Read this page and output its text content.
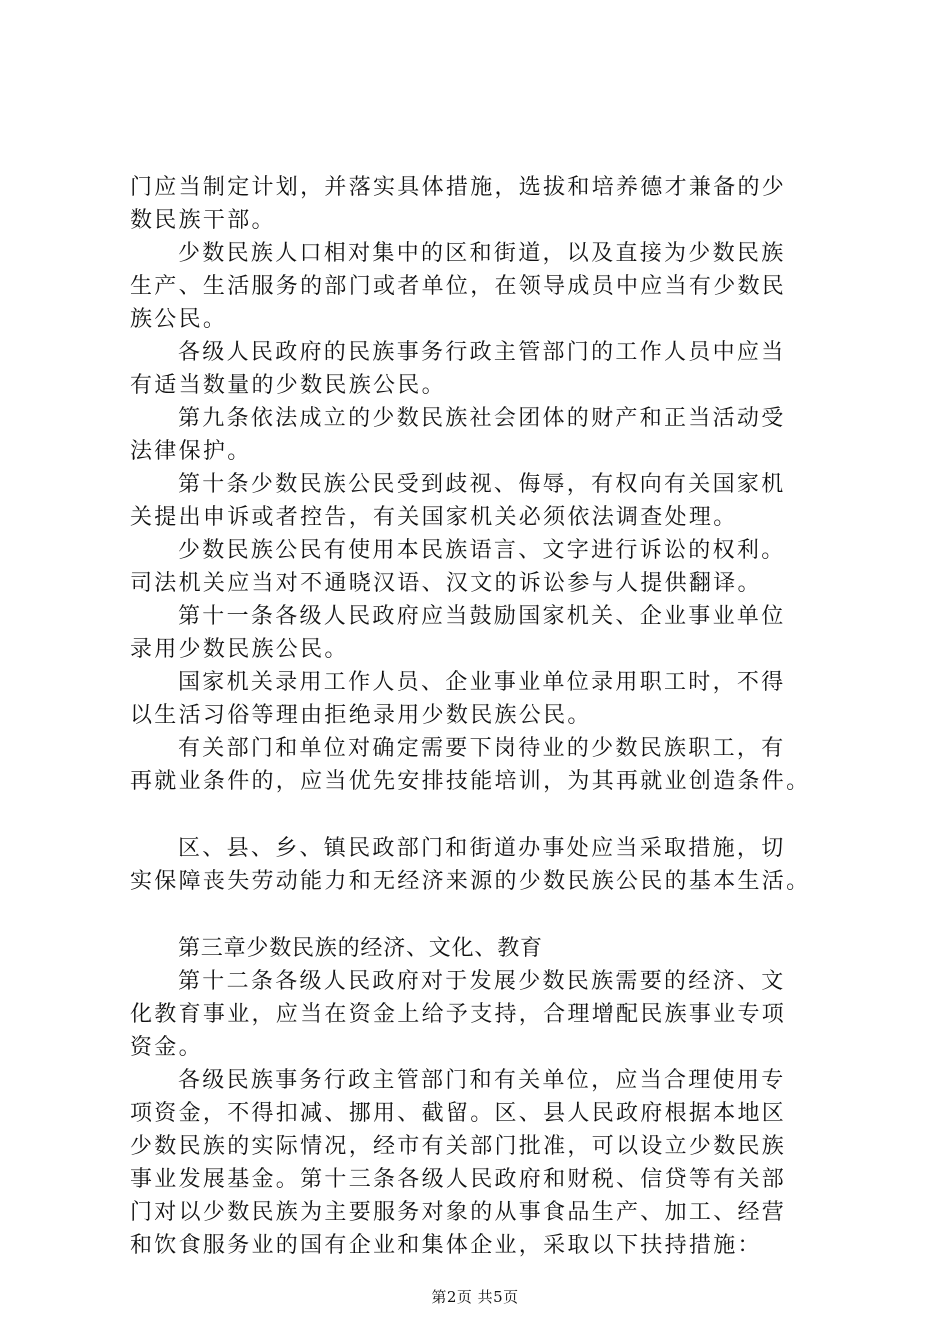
门应当制定计划，并落实具体措施，选拔和培养德才兼备的少
数民族干部。
少数民族人口相对集中的区和街道，以及直接为少数民族
生产、生活服务的部门或者单位，在领导成员中应当有少数民
族公民。
各级人民政府的民族事务行政主管部门的工作人员中应当
有适当数量的少数民族公民。
第九条依法成立的少数民族社会团体的财产和正当活动受
法律保护。
第十条少数民族公民受到歧视、侮辱，有权向有关国家机
关提出申诉或者控告，有关国家机关必须依法调查处理。
少数民族公民有使用本民族语言、文字进行诉讼的权利。
司法机关应当对不通晓汉语、汉文的诉讼参与人提供翻译。
第十一条各级人民政府应当鼓励国家机关、企业事业单位
录用少数民族公民。
国家机关录用工作人员、企业事业单位录用职工时，不得
以生活习俗等理由拒绝录用少数民族公民。
有关部门和单位对确定需要下岗待业的少数民族职工，有
再就业条件的，应当优先安排技能培训，为其再就业创造条件。
区、县、乡、镇民政部门和街道办事处应当采取措施，切
实保障丧失劳动能力和无经济来源的少数民族公民的基本生活。
第三章少数民族的经济、文化、教育
第十二条各级人民政府对于发展少数民族需要的经济、文
化教育事业，应当在资金上给予支持，合理增配民族事业专项
资金。
各级民族事务行政主管部门和有关单位，应当合理使用专
项资金，不得扣减、挪用、截留。区、县人民政府根据本地区
少数民族的实际情况，经市有关部门批准，可以设立少数民族
事业发展基金。第十三条各级人民政府和财税、信贷等有关部
门对以少数民族为主要服务对象的从事食品生产、加工、经营
和饮食服务业的国有企业和集体企业，采取以下扶持措施：
第2页 共5页
